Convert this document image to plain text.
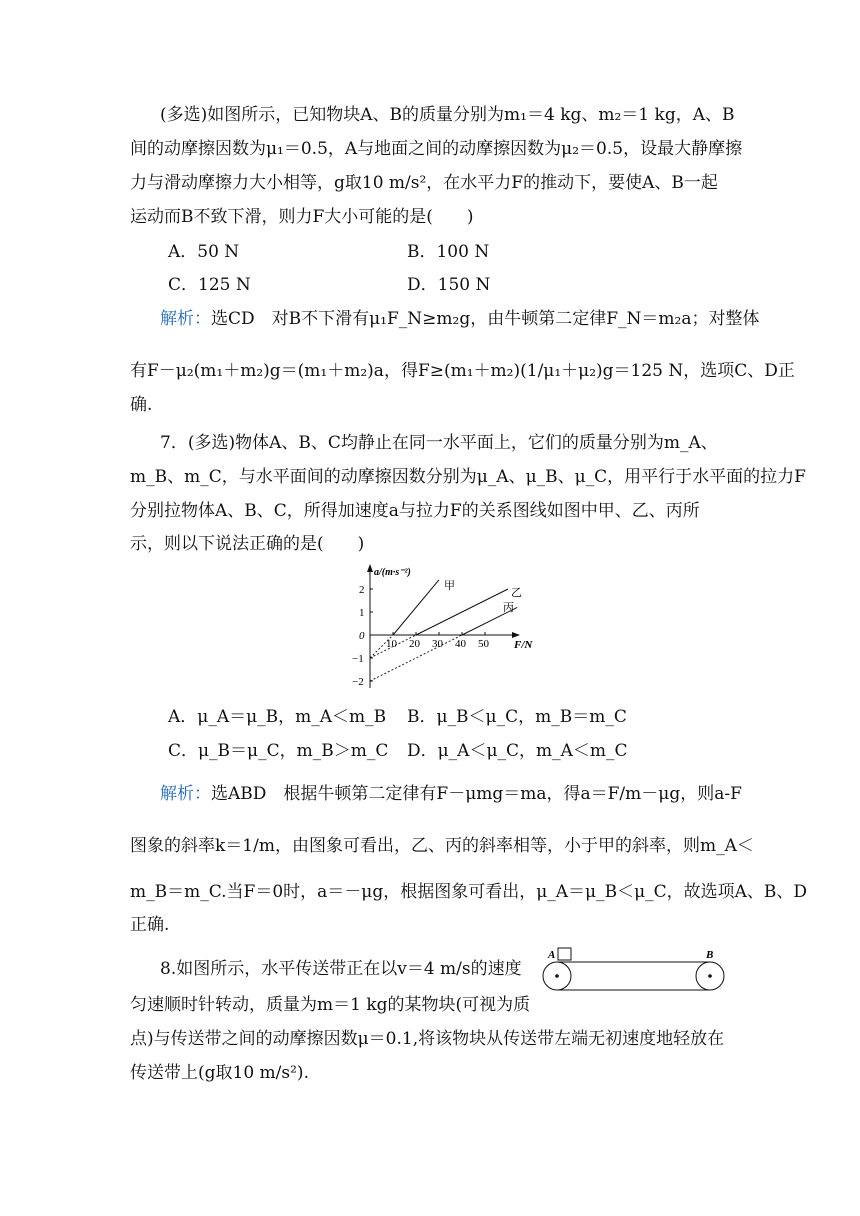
(多选)如图所示，已知物块A、B的质量分别为m₁＝4 kg、m₂＝1 kg，A、B
间的动摩擦因数为μ₁＝0.5，A与地面之间的动摩擦因数为μ₂＝0.5，设最大静摩擦
力与滑动摩擦力大小相等，g取10 m/s²，在水平力F的推动下，要使A、B一起
运动而B不致下滑，则力F大小可能的是(　　)
A．50 N	B．100 N
C．125 N	D．150 N
解析：选CD　对B不下滑有μ₁F_N≥m₂g，由牛顿第二定律F_N＝m₂a；对整体
有F－μ₂(m₁＋m₂)g＝(m₁＋m₂)a，得F≥(m₁＋m₂)(1/μ₁＋μ₂)g＝125 N，选项C、D正
确.
7．(多选)物体A、B、C均静止在同一水平面上，它们的质量分别为m_A、
m_B、m_C，与水平面间的动摩擦因数分别为μ_A、μ_B、μ_C，用平行于水平面的拉力F
分别拉物体A、B、C，所得加速度a与拉力F的关系图线如图中甲、乙、丙所
示，则以下说法正确的是(　　)
10 20 30 40 50
2
1
0
−1
−2
a/(m·s⁻²)
F/N
甲
乙
丙
A．μ_A＝μ_B，m_A＜m_B B．μ_B＜μ_C，m_B＝m_C
C．μ_B＝μ_C，m_B＞m_C D．μ_A＜μ_C，m_A＜m_C
解析：选ABD　根据牛顿第二定律有F－μmg＝ma，得a＝F/m－μg，则a-F
图象的斜率k＝1/m，由图象可看出，乙、丙的斜率相等，小于甲的斜率，则m_A＜
m_B＝m_C.当F＝0时，a＝－μg，根据图象可看出，μ_A＝μ_B＜μ_C，故选项A、B、D
正确.
8.如图所示，水平传送带正在以v＝4 m/s的速度
匀速顺时针转动，质量为m＝1 kg的某物块(可视为质
点)与传送带之间的动摩擦因数μ＝0.1,将该物块从传送带左端无初速度地轻放在
传送带上(g取10 m/s²).
A	B
